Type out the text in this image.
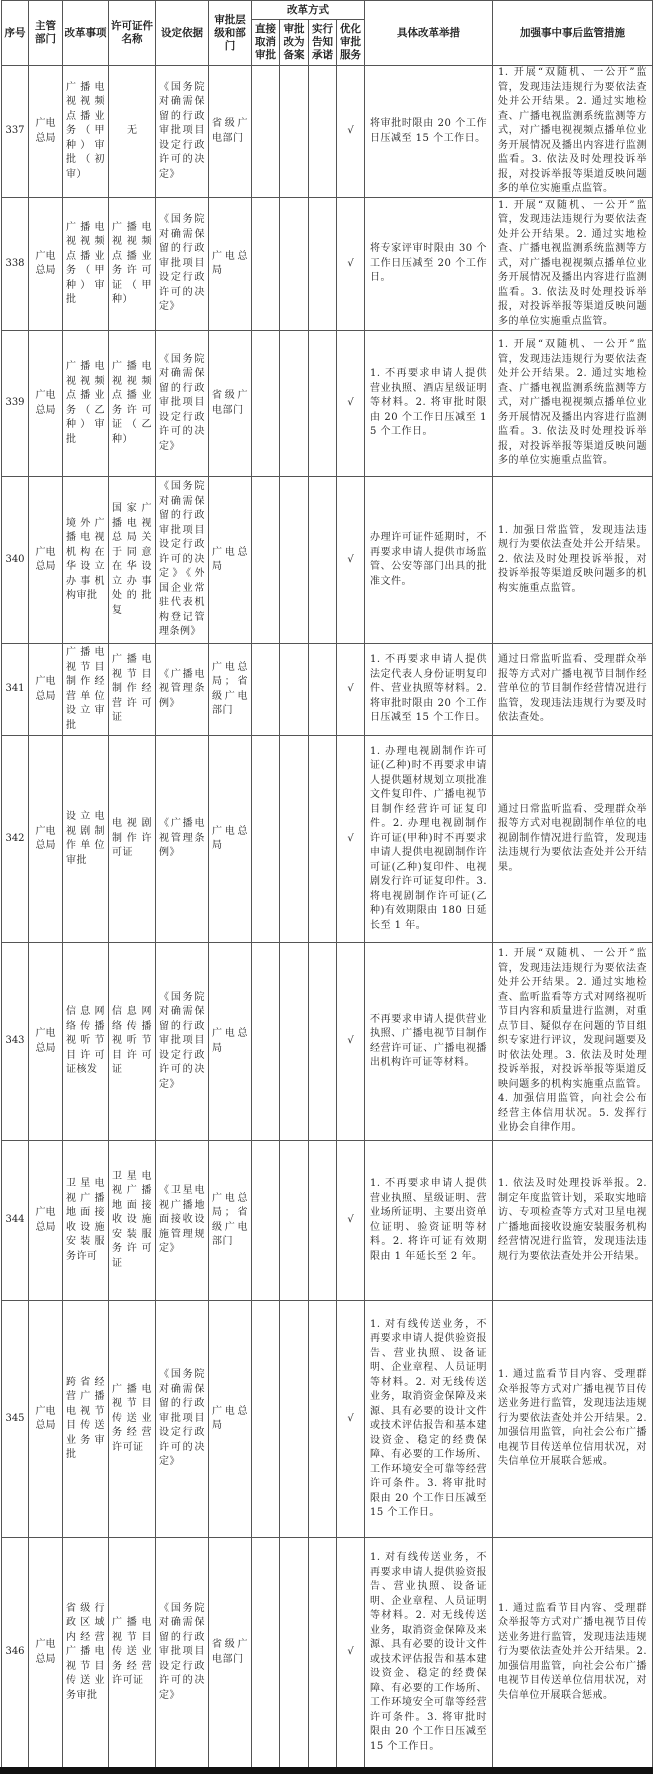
序号	主管部门	改革事项	许可证件名称	设定依据	审批层级和部门	改革方式				具体改革举措	加强事中事后监管措施
						直接取消审批	审批改为备案	实行告知承诺	优化审批服务		
337	广电总局	广播电视视频点播业务（甲种）审批（初审）	无	《国务院对确需保留的行政审批项目设定行政许可的决定》	省级广电部门				√	将审批时限由 20 个工作日压减至 15 个工作日。	1. 开展“双随机、一公开”监管，发现违法违规行为要依法查处并公开结果。2. 通过实地检查、广播电视监测系统监测等方式，对广播电视视频点播单位业务开展情况及播出内容进行监测监看。3. 依法及时处理投诉举报，对投诉举报等渠道反映问题多的单位实施重点监管。
338	广电总局	广播电视视频点播业务（甲种）审批	广播电视视频点播业务许可证（甲种）	《国务院对确需保留的行政审批项目设定行政许可的决定》	广电总局				√	将专家评审时限由 30 个工作日压减至 20 个工作日。	1. 开展“双随机、一公开”监管，发现违法违规行为要依法查处并公开结果。2. 通过实地检查、广播电视监测系统监测等方式，对广播电视视频点播单位业务开展情况及播出内容进行监测监看。3. 依法及时处理投诉举报，对投诉举报等渠道反映问题多的单位实施重点监管。
339	广电总局	广播电视视频点播业务（乙种）审批	广播电视视频点播业务许可证（乙种）	《国务院对确需保留的行政审批项目设定行政许可的决定》	省级广电部门				√	1. 不再要求申请人提供营业执照、酒店星级证明等材料。2. 将审批时限由 20 个工作日压减至 15 个工作日。	1. 开展“双随机、一公开”监管，发现违法违规行为要依法查处并公开结果。2. 通过实地检查、广播电视监测系统监测等方式，对广播电视视频点播单位业务开展情况及播出内容进行监测监看。3. 依法及时处理投诉举报，对投诉举报等渠道反映问题多的单位实施重点监管。
340	广电总局	境外广播电视机构在华设立办事机构审批	国家广播电视总局关于同意在华设立办事处的批复	《国务院对确需保留的行政审批项目设定行政许可的决定》《外国企业常驻代表机构登记管理条例》	广电总局				√	办理许可证件延期时，不再要求申请人提供市场监管、公安等部门出具的批准文件。	1. 加强日常监管，发现违法违规行为要依法查处并公开结果。2. 依法及时处理投诉举报，对投诉举报等渠道反映问题多的机构实施重点监管。
341	广电总局	广播电视节目制作经营单位设立审批	广播电视节目制作经营许可证	《广播电视管理条例》	广电总局；省级广电部门				√	1. 不再要求申请人提供法定代表人身份证明复印件、营业执照等材料。2. 将审批时限由 20 个工作日压减至 15 个工作日。	通过日常监听监看、受理群众举报等方式对广播电视节目制作经营单位的节目制作经营情况进行监管，发现违法违规行为要及时依法查处。
342	广电总局	设立电视剧制作单位审批	电视剧制作许可证	《广播电视管理条例》	广电总局				√	1. 办理电视剧制作许可证(乙种)时不再要求申请人提供题材规划立项批准文件复印件、广播电视节目制作经营许可证复印件。2. 办理电视剧制作许可证(甲种)时不再要求申请人提供电视剧制作许可证(乙种)复印件、电视剧发行许可证复印件。3. 将电视剧制作许可证(乙种)有效期限由 180 日延长至 1 年。	通过日常监听监看、受理群众举报等方式对电视剧制作单位的电视剧制作情况进行监管，发现违法违规行为要依法查处并公开结果。
343	广电总局	信息网络传播视听节目许可证核发	信息网络传播视听节目许可证	《国务院对确需保留的行政审批项目设定行政许可的决定》	广电总局				√	不再要求申请人提供营业执照、广播电视节目制作经营许可证、广播电视播出机构许可证等材料。	1. 开展“双随机、一公开”监管，发现违法违规行为要依法查处并公开结果。2. 通过实地检查、监听监看等方式对网络视听节目内容和质量进行监测，对重点节目、疑似存在问题的节目组织专家进行评议，发现问题要及时依法处理。3. 依法及时处理投诉举报，对投诉举报等渠道反映问题多的机构实施重点监管。4. 加强信用监管，向社会公布经营主体信用状况。5. 发挥行业协会自律作用。
344	广电总局	卫星电视广播地面接收设施安装服务许可	卫星电视广播地面接收设施安装服务许可证	《卫星电视广播地面接收设施管理规定》	广电总局；省级广电部门				√	1. 不再要求申请人提供营业执照、星级证明、营业场所证明、主要出资单位证明、验资证明等材料。2. 将许可证有效期限由 1 年延长至 2 年。	1. 依法及时处理投诉举报。2. 制定年度监管计划，采取实地暗访、专项检查等方式对卫星电视广播地面接收设施安装服务机构经营情况进行监管，发现违法违规行为要依法查处并公开结果。
345	广电总局	跨省经营广播电视节目传送业务审批	广播电视节目传送业务经营许可证	《国务院对确需保留的行政审批项目设定行政许可的决定》	广电总局				√	1. 对有线传送业务，不再要求申请人提供验资报告、营业执照、设备证明、企业章程、人员证明等材料。2. 对无线传送业务，取消资金保障及来源、具有必要的设计文件或技术评估报告和基本建设资金、稳定的经费保障、有必要的工作场所、工作环境安全可靠等经营许可条件。3. 将审批时限由 20 个工作日压减至 15 个工作日。	1. 通过监看节目内容、受理群众举报等方式对广播电视节目传送业务进行监管，发现违法违规行为要依法查处并公开结果。2. 加强信用监管，向社会公布广播电视节目传送单位信用状况，对失信单位开展联合惩戒。
346	广电总局	省级行政区域内经营广播电视节目传送业务审批	广播电视节目传送业务经营许可证	《国务院对确需保留的行政审批项目设定行政许可的决定》	省级广电部门				√	1. 对有线传送业务，不再要求申请人提供验资报告、营业执照、设备证明、企业章程、人员证明等材料。2. 对无线传送业务，取消资金保障及来源、具有必要的设计文件或技术评估报告和基本建设资金、稳定的经费保障、有必要的工作场所、工作环境安全可靠等经营许可条件。3. 将审批时限由 20 个工作日压减至 15 个工作日。	1. 通过监看节目内容、受理群众举报等方式对广播电视节目传送业务进行监管，发现违法违规行为要依法查处并公开结果。2. 加强信用监管，向社会公布广播电视节目传送单位信用状况，对失信单位开展联合惩戒。
